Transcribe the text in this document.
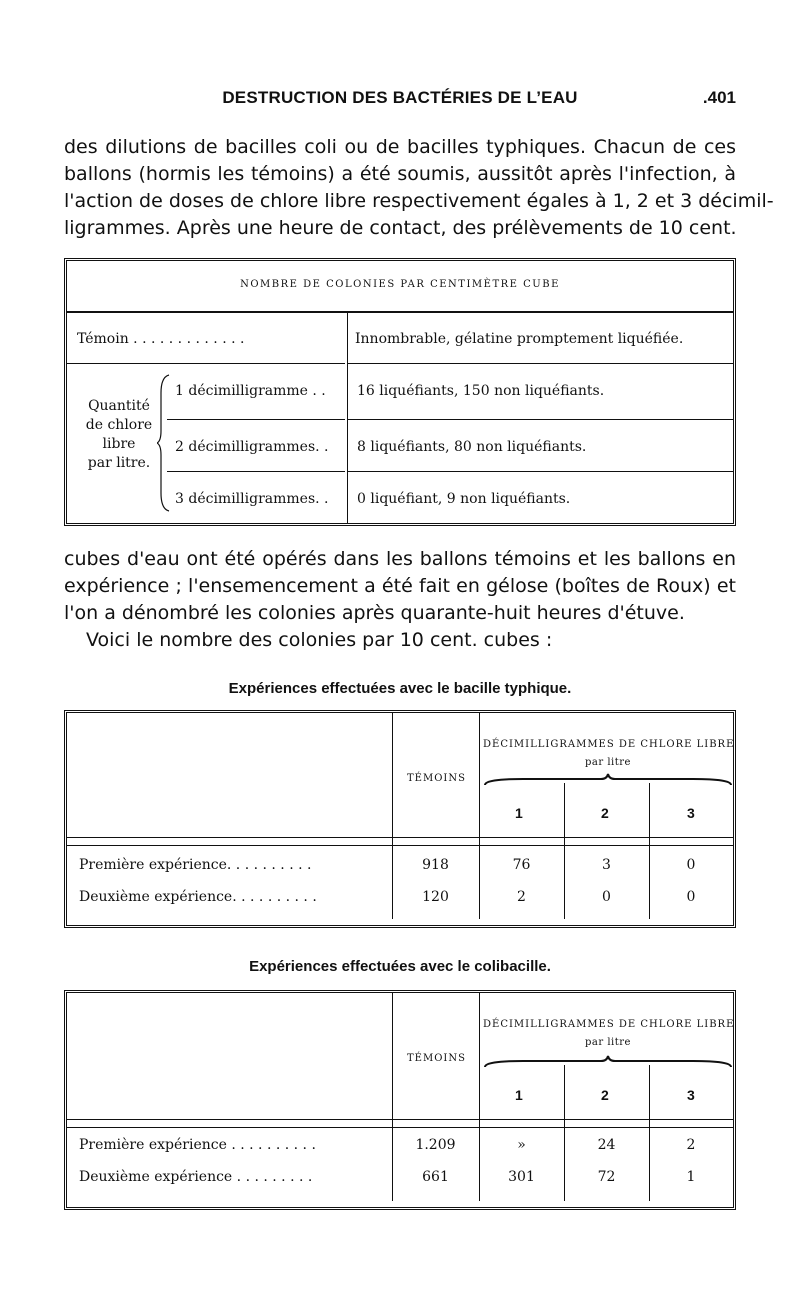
DESTRUCTION DES BACTÉRIES DE L’EAU	.401
des dilutions de bacilles coli ou de bacilles typhiques. Chacun de ces
ballons (hormis les témoins) a été soumis, aussitôt après l'infection, à
l'action de doses de chlore libre respectivement égales à 1, 2 et 3 décimil-
ligrammes. Après une heure de contact, des prélèvements de 10 cent.
NOMBRE DE COLONIES PAR CENTIMÈTRE CUBE
Témoin . . . . . . . . . . . . .	Innombrable, gélatine promptement liquéfiée.
Quantité
de chlore
libre
par litre.
1 décimilligramme . . 16 liquéfiants, 150 non liquéfiants.
2 décimilligrammes. . 8 liquéfiants, 80 non liquéfiants.
3 décimilligrammes. . 0 liquéfiant, 9 non liquéfiants.
cubes d'eau ont été opérés dans les ballons témoins et les ballons en
expérience ; l'ensemencement a été fait en gélose (boîtes de Roux) et
l'on a dénombré les colonies après quarante-huit heures d'étuve.
Voici le nombre des colonies par 10 cent. cubes :
Expériences effectuées avec le bacille typhique.
TÉMOINS
DÉCIMILLIGRAMMES DE CHLORE LIBRE
par litre
1	2	3
Première expérience. . . . . . . . . .	918	76	3	0
Deuxième expérience. . . . . . . . . .	120	2	0	0
Expériences effectuées avec le colibacille.
TÉMOINS
DÉCIMILLIGRAMMES DE CHLORE LIBRE
par litre
1	2	3
Première expérience . . . . . . . . . .	1.209	»	24	2
Deuxième expérience . . . . . . . . .	661	301	72	1
